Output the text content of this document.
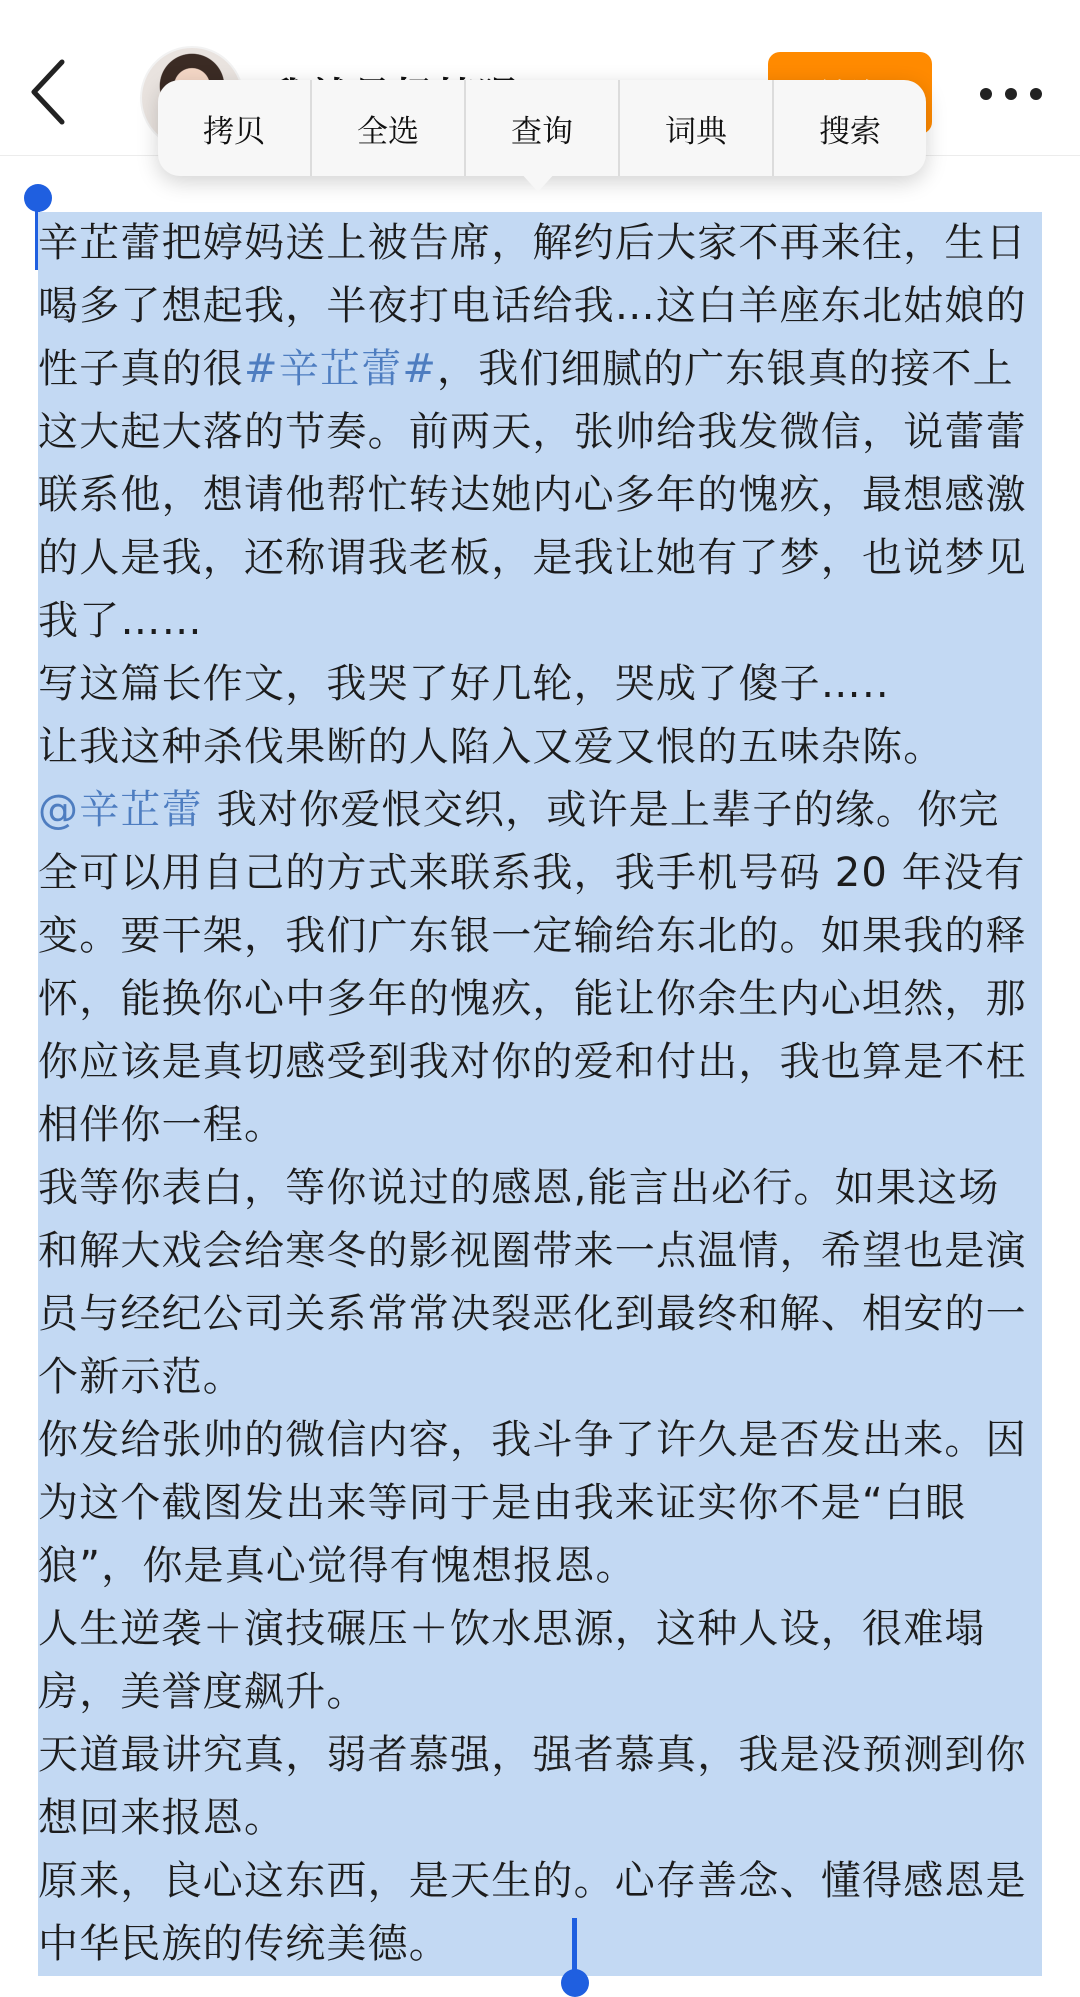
拷贝	全选	查询	词典	搜索

辛芷蕾把婷妈送上被告席，解约后大家不再来往，生日喝多了想起我，半夜打电话给我…这白羊座东北姑娘的性子真的很#辛芷蕾#，我们细腻的广东银真的接不上这大起大落的节奏。前两天，张帅给我发微信，说蕾蕾联系他，想请他帮忙转达她内心多年的愧疚，最想感激的人是我，还称谓我老板，是我让她有了梦，也说梦见我了……

写这篇长作文，我哭了好几轮，哭成了傻子…..

让我这种杀伐果断的人陷入又爱又恨的五味杂陈。

@辛芷蕾 我对你爱恨交织，或许是上辈子的缘。你完全可以用自己的方式来联系我，我手机号码 20 年没有变。要干架，我们广东银一定输给东北的。如果我的释怀，能换你心中多年的愧疚，能让你余生内心坦然，那你应该是真切感受到我对你的爱和付出，我也算是不枉相伴你一程。

我等你表白，等你说过的感恩,能言出必行。如果这场和解大戏会给寒冬的影视圈带来一点温情，希望也是演员与经纪公司关系常常决裂恶化到最终和解、相安的一个新示范。

你发给张帅的微信内容，我斗争了许久是否发出来。因为这个截图发出来等同于是由我来证实你不是“白眼狼”，你是真心觉得有愧想报恩。

人生逆袭＋演技碾压＋饮水思源，这种人设，很难塌房，美誉度飙升。

天道最讲究真，弱者慕强，强者慕真，我是没预测到你想回来报恩。

原来，良心这东西，是天生的。心存善念、懂得感恩是中华民族的传统美德。
